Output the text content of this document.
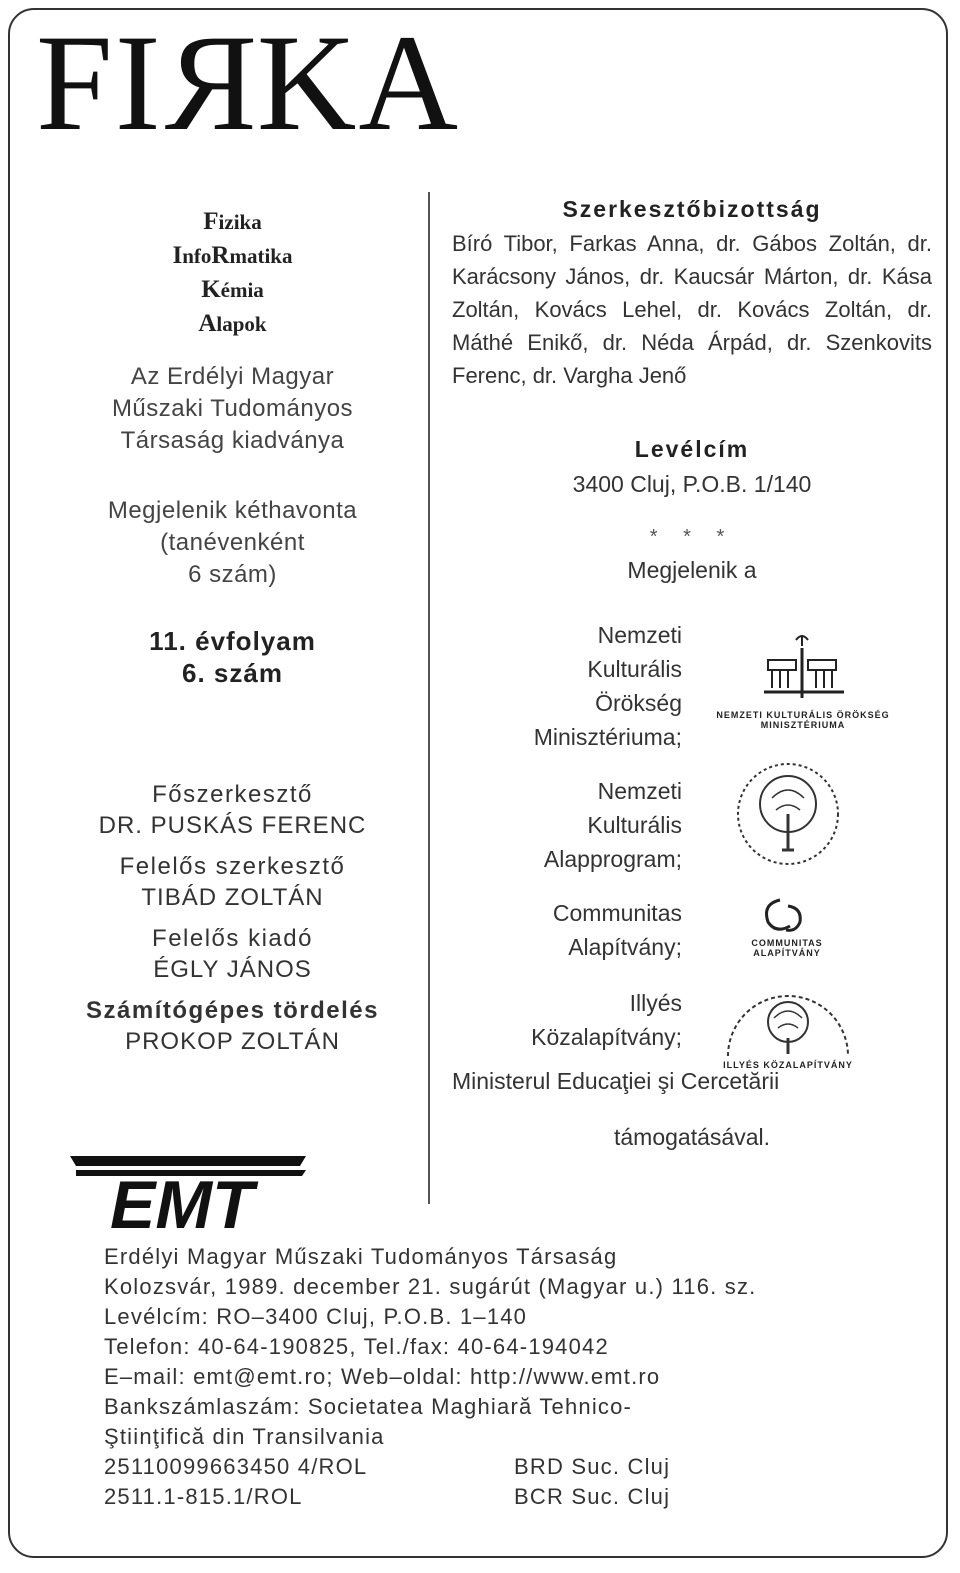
FIRKA
Fizika
InfoRmatika
Kémia
Alapok
Az Erdélyi Magyar
Műszaki Tudományos
Társaság kiadványa
Megjelenik kéthavonta
(tanévenként
6 szám)
11. évfolyam
6. szám
Főszerkesztő
DR. PUSKÁS FERENC
Felelős szerkesztő
TIBÁD ZOLTÁN
Felelős kiadó
ÉGLY JÁNOS
Számítógépes tördelés
PROKOP ZOLTÁN
Szerkesztőbizottság
Bíró Tibor, Farkas Anna, dr. Gábos Zoltán, dr. Karácsony János, dr. Kaucsár Márton, dr. Kása Zoltán, Kovács Lehel, dr. Kovács Zoltán, dr. Máthé Enikő, dr. Néda Árpád, dr. Szenkovits Ferenc, dr. Vargha Jenő
Levélcím
3400 Cluj, P.O.B. 1/140
* * *
Megjelenik a
Nemzeti
Kulturális
Örökség
Minisztériuma;
NEMZETI KULTURÁLIS ÖRÖKSÉG
MINISZTÉRIUMA
Nemzeti
Kulturális
Alapprogram;
Communitas
Alapítvány;	COMMUNITAS
ALAPÍTVÁNY
Illyés
Közalapítvány;
ILLYÉS KÖZALAPÍTVÁNY
Ministerul Educaţiei şi Cercetării
támogatásával.
EMT
Erdélyi Magyar Műszaki Tudományos Társaság
Kolozsvár, 1989. december 21. sugárút (Magyar u.) 116. sz.
Levélcím: RO–3400 Cluj, P.O.B. 1–140
Telefon: 40-64-190825, Tel./fax: 40-64-194042
E–mail: emt@emt.ro; Web–oldal: http://www.emt.ro
Bankszámlaszám: Societatea Maghiară Tehnico-
Ştiinţifică din Transilvania
25110099663450 4/ROL	BRD Suc. Cluj
2511.1-815.1/ROL	BCR Suc. Cluj
